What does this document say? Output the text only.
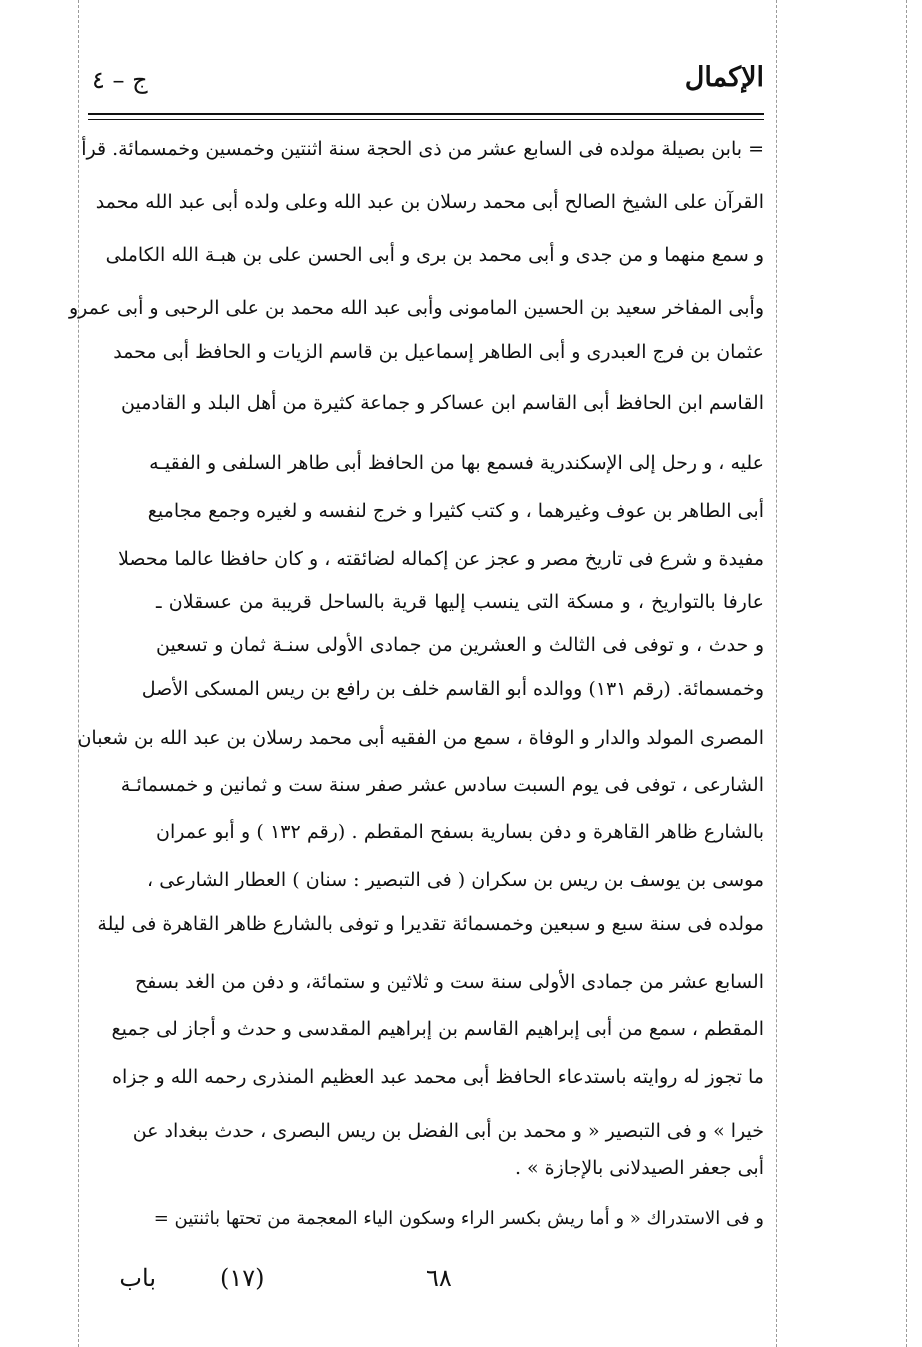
الإكمال
ج – ٤
= بابن بصيلة مولده فى السابع عشر من ذى الحجة سنة اثنتين وخمسين وخمسمائة. قرأ
القرآن على الشيخ الصالح أبى محمد رسلان بن عبد الله وعلى ولده أبى عبد الله محمد
و سمع منهما و من جدى و أبى محمد بن برى و أبى الحسن على بن هبـة الله الكاملى
وأبى المفاخر سعيد بن الحسين المامونى وأبى عبد الله محمد بن على الرحبى و أبى عمرو
عثمان بن فرج العبدرى و أبى الطاهر إسماعيل بن قاسم الزيات و الحافظ أبى محمد
القاسم ابن الحافظ أبى القاسم ابن عساكر و جماعة كثيرة من أهل البلد و القادمين
عليه ، و رحل إلى الإسكندرية فسمع بها من الحافظ أبى طاهر السلفى و الفقيـه
أبى الطاهر بن عوف وغيرهما ، و كتب كثيرا و خرج لنفسه و لغيره وجمع مجاميع
مفيدة و شرع فى تاريخ مصر و عجز عن إكماله لضائقته ، و كان حافظا عالما محصلا
عارفا بالتواريخ ، و مسكة التى ينسب إليها قرية بالساحل قريبة من عسقلان ـ
و حدث ، و توفى فى الثالث و العشرين من جمادى الأولى سنـة ثمان و تسعين
وخمسمائة. (رقم ١٣١) ووالده أبو القاسم خلف بن رافع بن ريس المسكى الأصل
المصرى المولد والدار و الوفاة ، سمع من الفقيه أبى محمد رسلان بن عبد الله بن شعبان
الشارعى ، توفى فى يوم السبت سادس عشر صفر سنة ست و ثمانين و خمسمائـة
بالشارع ظاهر القاهرة و دفن بسارية بسفح المقطم . (رقم ١٣٢ ) و أبو عمران
موسى بن يوسف بن ريس بن سكران ( فى التبصير : سنان ) العطار الشارعى ،
مولده فى سنة سبع و سبعين وخمسمائة تقديرا و توفى بالشارع ظاهر القاهرة فى ليلة
السابع عشر من جمادى الأولى سنة ست و ثلاثين و ستمائة، و دفن من الغد بسفح
المقطم ، سمع من أبى إبراهيم القاسم بن إبراهيم المقدسى و حدث و أجاز لى جميع
ما تجوز له روايته باستدعاء الحافظ أبى محمد عبد العظيم المنذرى رحمه الله و جزاه
خيرا » و فى التبصير « و محمد بن أبى الفضل بن ريس البصرى ، حدث ببغداد عن
أبى جعفر الصيدلانى بالإجازة » .
و فى الاستدراك « و أما ريش بكسر الراء وسكون الياء المعجمة من تحتها باثنتين =
باب	(١٧)	٦٨
